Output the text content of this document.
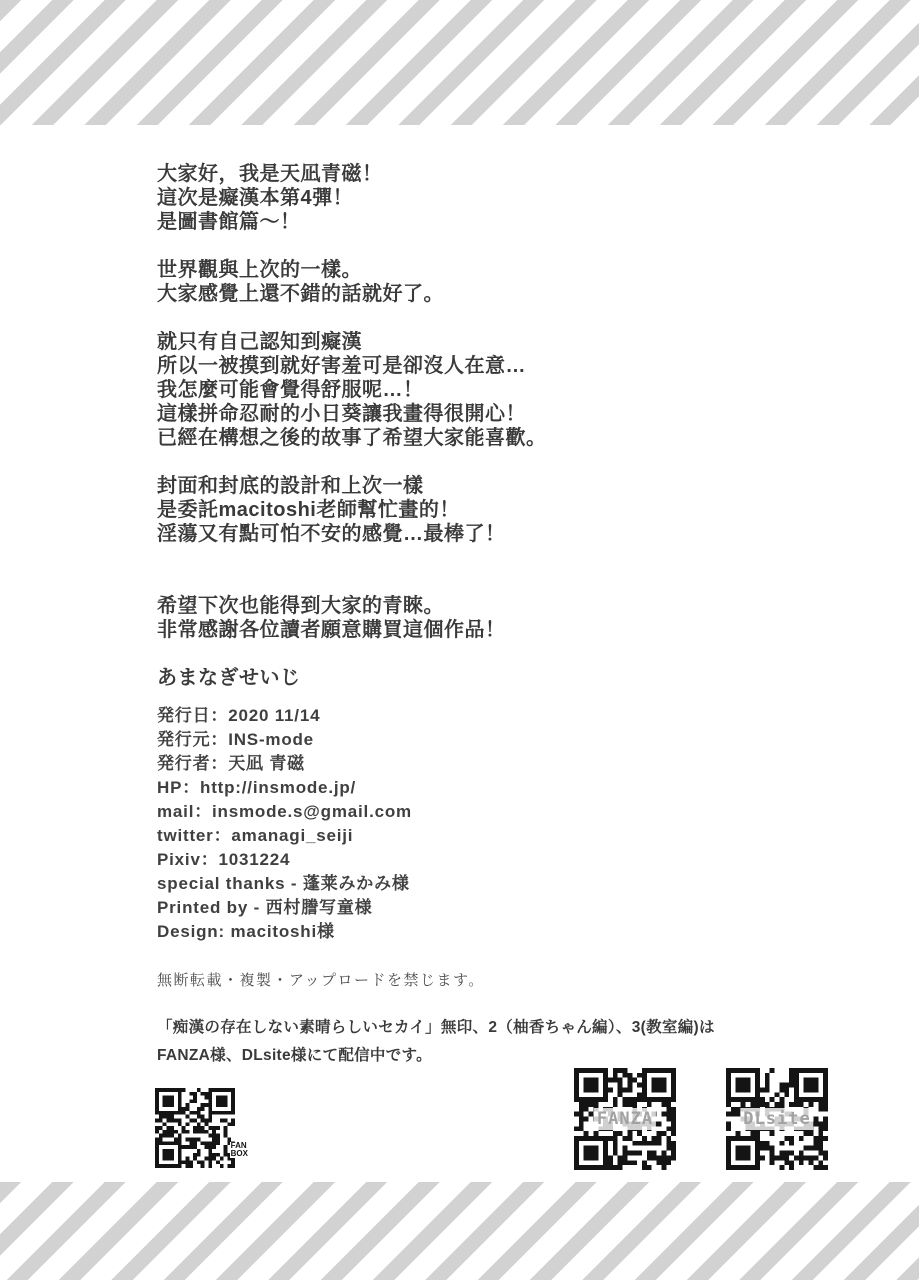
大家好，我是天凪青磁！
這次是癡漢本第4彈！
是圖書館篇～！
世界觀與上次的一樣。
大家感覺上還不錯的話就好了。
就只有自己認知到癡漢
所以一被摸到就好害羞可是卻沒人在意…
我怎麼可能會覺得舒服呢…！
這樣拼命忍耐的小日葵讓我畫得很開心！
已經在構想之後的故事了希望大家能喜歡。
封面和封底的設計和上次一樣
是委託macitoshi老師幫忙畫的！
淫蕩又有點可怕不安的感覺…最棒了！
希望下次也能得到大家的青睞。
非常感謝各位讀者願意購買這個作品！
あまなぎせいじ
発行日：2020 11/14
発行元：INS-mode
発行者：天凪 青磁
HP：http://insmode.jp/
mail：insmode.s@gmail.com
twitter：amanagi_seiji
Pixiv：1031224
special thanks - 蓬莱みかみ様
Printed by - 西村謄写童様
Design: macitoshi様
無断転載・複製・アップロードを禁じます。
「痴漢の存在しない素晴らしいセカイ」無印、2（柚香ちゃん編）、3(教室編)は
FANZA様、DLsite様にて配信中です。
FAN
BOX
FANZA	DLsite
